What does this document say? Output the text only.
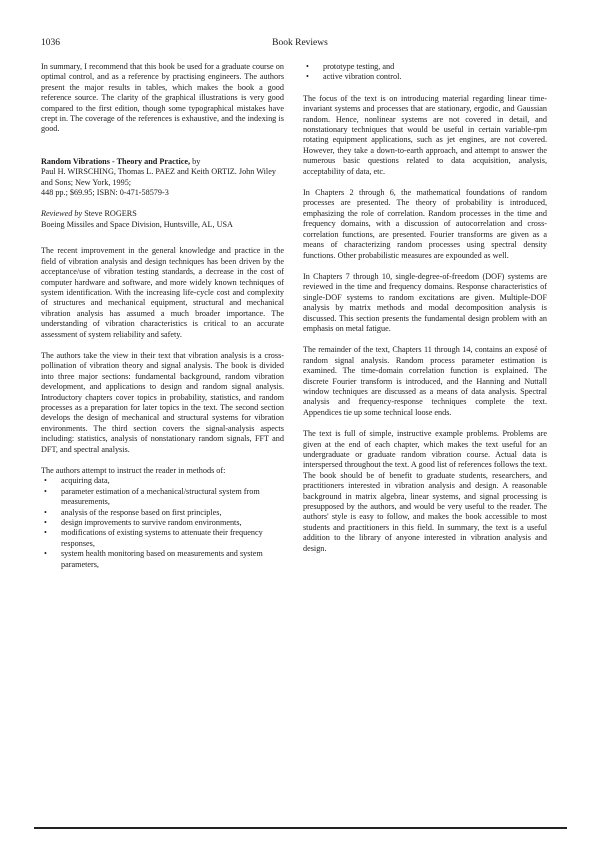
1036	Book Reviews

In summary, I recommend that this book be used for a graduate course on optimal control, and as a reference by practising engineers. The authors present the major results in tables, which makes the book a good reference source. The clarity of the graphical illustrations is very good compared to the first edition, though some typographical mistakes have crept in. The coverage of the references is exhaustive, and the indexing is good.

Random Vibrations - Theory and Practice, by
Paul H. WIRSCHING, Thomas L. PAEZ and Keith ORTIZ. John Wiley and Sons; New York, 1995;
448 pp.; $69.95; ISBN: 0-471-58579-3
Reviewed by Steve ROGERS
Boeing Missiles and Space Division, Huntsville, AL, USA

The recent improvement in the general knowledge and practice in the field of vibration analysis and design techniques has been driven by the acceptance/use of vibration testing standards, a decrease in the cost of computer hardware and software, and more widely known techniques of system identification. With the increasing life-cycle cost and complexity of structures and mechanical equipment, structural and mechanical vibration analysis has assumed a much broader importance. The understanding of vibration characteristics is critical to an accurate assessment of system reliability and safety.

The authors take the view in their text that vibration analysis is a cross-pollination of vibration theory and signal analysis. The book is divided into three major sections: fundamental background, random vibration development, and applications to design and random signal analysis. Introductory chapters cover topics in probability, statistics, and random processes as a preparation for later topics in the text. The second section develops the design of mechanical and structural systems for vibration environments. The third section covers the signal-analysis aspects including: statistics, analysis of nonstationary random signals, FFT and DFT, and spectral analysis.

The authors attempt to instruct the reader in methods of:

• acquiring data,
• parameter estimation of a mechanical/structural system from measurements,
• analysis of the response based on first principles,
• design improvements to survive random environments,
• modifications of existing systems to attenuate their frequency responses,
• system health monitoring based on measurements and system parameters,
• prototype testing, and
• active vibration control.

The focus of the text is on introducing material regarding linear time-invariant systems and processes that are stationary, ergodic, and Gaussian random. Hence, nonlinear systems are not covered in detail, and nonstationary techniques that would be useful in certain variable-rpm rotating equipment applications, such as jet engines, are not covered. However, they take a down-to-earth approach, and attempt to answer the numerous basic questions related to data acquisition, analysis, acceptability of data, etc.

In Chapters 2 through 6, the mathematical foundations of random processes are presented. The theory of probability is introduced, emphasizing the role of correlation. Random processes in the time and frequency domains, with a discussion of autocorrelation and cross-correlation functions, are presented. Fourier transforms are given as a means of characterizing random processes using spectral density functions. Other probabilistic measures are expounded as well.

In Chapters 7 through 10, single-degree-of-freedom (DOF) systems are reviewed in the time and frequency domains. Response characteristics of single-DOF systems to random excitations are given. Multiple-DOF analysis by matrix methods and modal decomposition analysis is discussed. This section presents the fundamental design problem with an emphasis on metal fatigue.

The remainder of the text, Chapters 11 through 14, contains an exposé of random signal analysis. Random process parameter estimation is examined. The time-domain correlation function is explained. The discrete Fourier transform is introduced, and the Hanning and Nuttall window techniques are discussed as a means of data analysis. Spectral analysis and frequency-response techniques complete the text. Appendices tie up some technical loose ends.

The text is full of simple, instructive example problems. Problems are given at the end of each chapter, which makes the text useful for an undergraduate or graduate random vibration course. Actual data is interspersed throughout the text. A good list of references follows the text. The book should be of benefit to graduate students, researchers, and practitioners interested in vibration analysis and design. A reasonable background in matrix algebra, linear systems, and signal processing is presupposed by the authors, and would be very useful to the reader. The authors' style is easy to follow, and makes the book accessible to most students and practitioners in this field. In summary, the text is a useful addition to the library of anyone interested in vibration analysis and design.
